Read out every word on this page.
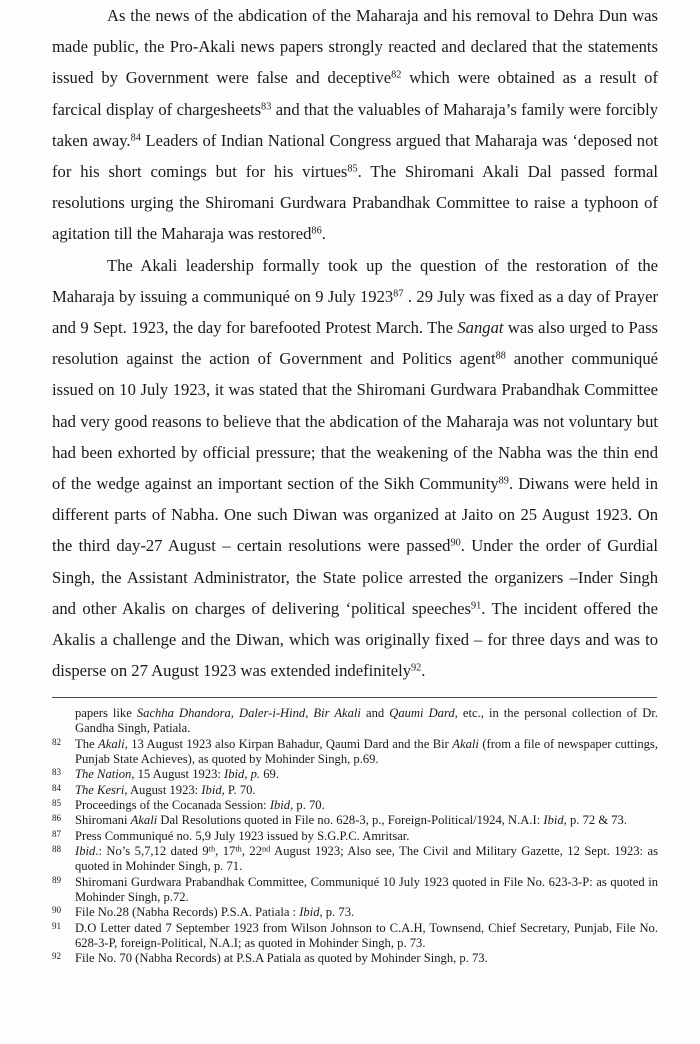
As the news of the abdication of the Maharaja and his removal to Dehra Dun was made public, the Pro-Akali news papers strongly reacted and declared that the statements issued by Government were false and deceptive$^{82}$ which were obtained as a result of farcical display of chargesheets$^{83}$ and that the valuables of Maharaja’s family were forcibly taken away.$^{84}$ Leaders of Indian National Congress argued that Maharaja was ‘deposed not for his short comings but for his virtues$^{85}$. The Shiromani Akali Dal passed formal resolutions urging the Shiromani Gurdwara Prabandhak Committee to raise a typhoon of agitation till the Maharaja was restored$^{86}$.

The Akali leadership formally took up the question of the restoration of the Maharaja by issuing a communiqué on 9 July 1923$^{87}$ . 29 July was fixed as a day of Prayer and 9 Sept. 1923, the day for barefooted Protest March. The Sangat was also urged to Pass resolution against the action of Government and Politics agent$^{88}$ another communiqué issued on 10 July 1923, it was stated that the Shiromani Gurdwara Prabandhak Committee had very good reasons to believe that the abdication of the Maharaja was not voluntary but had been exhorted by official pressure; that the weakening of the Nabha was the thin end of the wedge against an important section of the Sikh Community$^{89}$. Diwans were held in different parts of Nabha. One such Diwan was organized at Jaito on 25 August 1923. On the third day-27 August – certain resolutions were passed$^{90}$. Under the order of Gurdial Singh, the Assistant Administrator, the State police arrested the organizers –Inder Singh and other Akalis on charges of delivering ‘political speeches$^{91}$. The incident offered the Akalis a challenge and the Diwan, which was originally fixed – for three days and was to disperse on 27 August 1923 was extended indefinitely$^{92}$.

papers like Sachha Dhandora, Daler-i-Hind, Bir Akali and Qaumi Dard, etc., in the personal collection of Dr. Gandha Singh, Patiala.
82	The Akali, 13 August 1923 also Kirpan Bahadur, Qaumi Dard and the Bir Akali (from a file of newspaper cuttings, Punjab State Achieves), as quoted by Mohinder Singh, p.69.
83	The Nation, 15 August 1923: Ibid, p. 69.
84	The Kesri, August 1923: Ibid, P. 70.
85	Proceedings of the Cocanada Session: Ibid, p. 70.
86	Shiromani Akali Dal Resolutions quoted in File no. 628-3, p., Foreign-Political/1924, N.A.I: Ibid, p. 72 & 73.
87	Press Communiqué no. 5,9 July 1923 issued by S.G.P.C. Amritsar.
88	Ibid.: No’s 5,7,12 dated 9th, 17th, 22nd August 1923; Also see, The Civil and Military Gazette, 12 Sept. 1923: as quoted in Mohinder Singh, p. 71.
89	Shiromani Gurdwara Prabandhak Committee, Communiqué 10 July 1923 quoted in File No. 623-3-P: as quoted in Mohinder Singh, p.72.
90	File No.28 (Nabha Records) P.S.A. Patiala : Ibid, p. 73.
91	D.O Letter dated 7 September 1923 from Wilson Johnson to C.A.H, Townsend, Chief Secretary, Punjab, File No. 628-3-P, foreign-Political, N.A.I; as quoted in Mohinder Singh, p. 73.
92	File No. 70 (Nabha Records) at P.S.A Patiala as quoted by Mohinder Singh, p. 73.
